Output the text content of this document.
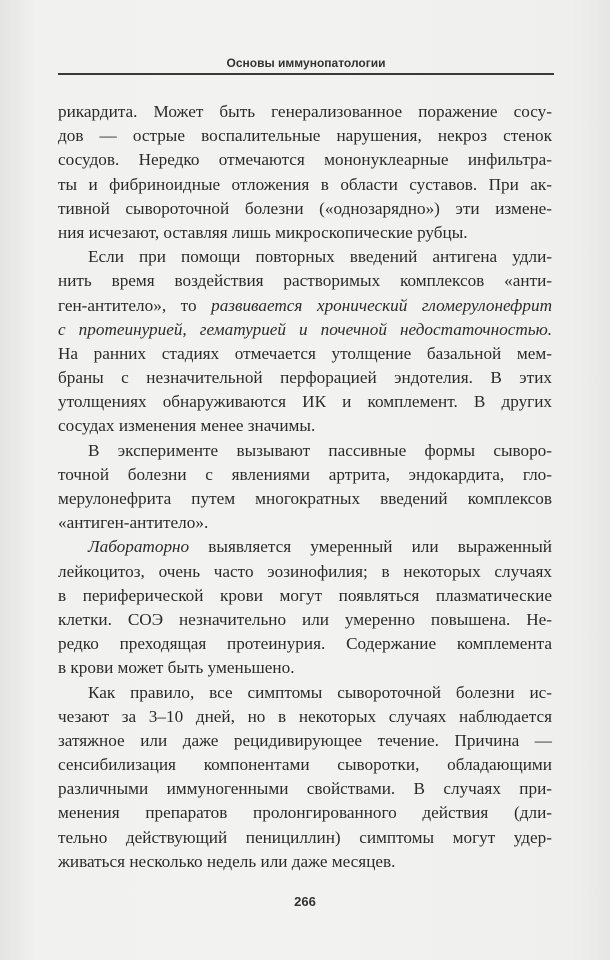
Основы иммунопатологии
рикардита. Может быть генерализованное поражение сосу-
дов — острые воспалительные нарушения, некроз стенок
сосудов. Нередко отмечаются мононуклеарные инфильтра-
ты и фибриноидные отложения в области суставов. При ак-
тивной сывороточной болезни («однозарядно») эти измене-
ния исчезают, оставляя лишь микроскопические рубцы.
Если при помощи повторных введений антигена удли-
нить время воздействия растворимых комплексов «анти-
ген-антитело», то развивается хронический гломерулонефрит
с протеинурией, гематурией и почечной недостаточностью.
На ранних стадиях отмечается утолщение базальной мем-
браны с незначительной перфорацией эндотелия. В этих
утолщениях обнаруживаются ИК и комплемент. В других
сосудах изменения менее значимы.
В эксперименте вызывают пассивные формы сыворо-
точной болезни с явлениями артрита, эндокардита, гло-
мерулонефрита путем многократных введений комплексов
«антиген-антитело».
Лабораторно выявляется умеренный или выраженный
лейкоцитоз, очень часто эозинофилия; в некоторых случаях
в периферической крови могут появляться плазматические
клетки. СОЭ незначительно или умеренно повышена. Не-
редко преходящая протеинурия. Содержание комплемента
в крови может быть уменьшено.
Как правило, все симптомы сывороточной болезни ис-
чезают за 3–10 дней, но в некоторых случаях наблюдается
затяжное или даже рецидивирующее течение. Причина —
сенсибилизация компонентами сыворотки, обладающими
различными иммуногенными свойствами. В случаях при-
менения препаратов пролонгированного действия (дли-
тельно действующий пенициллин) симптомы могут удер-
живаться несколько недель или даже месяцев.
266
